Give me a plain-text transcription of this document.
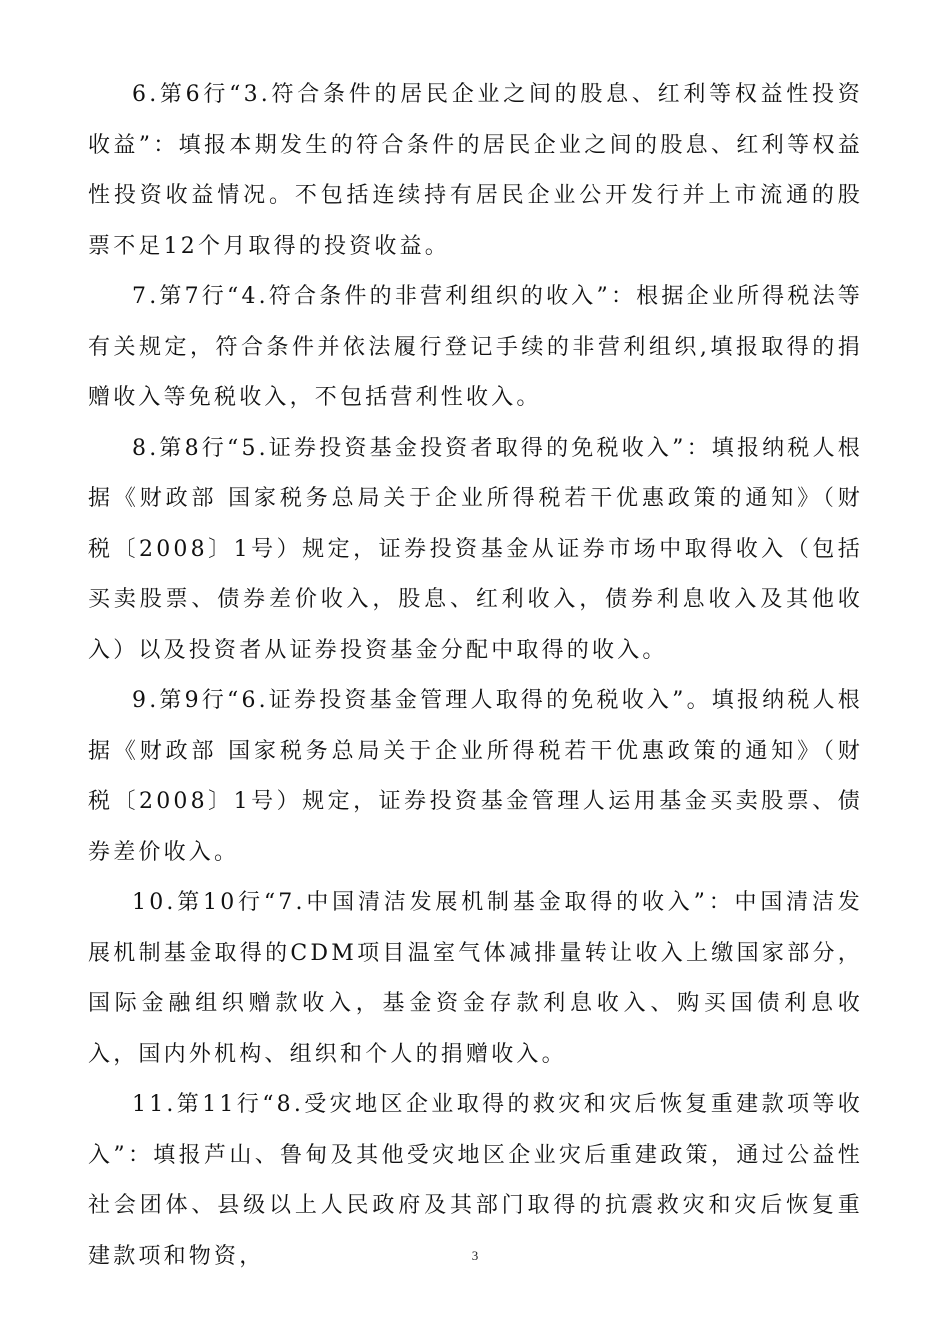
6.第6行“3.符合条件的居民企业之间的股息、红利等权益性投资收益”：填报本期发生的符合条件的居民企业之间的股息、红利等权益性投资收益情况。不包括连续持有居民企业公开发行并上市流通的股票不足12个月取得的投资收益。

7.第7行“4.符合条件的非营利组织的收入”：根据企业所得税法等有关规定，符合条件并依法履行登记手续的非营利组织,填报取得的捐赠收入等免税收入，不包括营利性收入。

8.第8行“5.证券投资基金投资者取得的免税收入”：填报纳税人根据《财政部 国家税务总局关于企业所得税若干优惠政策的通知》（财税〔2008〕1号）规定，证券投资基金从证券市场中取得收入（包括买卖股票、债券差价收入，股息、红利收入，债券利息收入及其他收入）以及投资者从证券投资基金分配中取得的收入。

9.第9行“6.证券投资基金管理人取得的免税收入”。填报纳税人根据《财政部 国家税务总局关于企业所得税若干优惠政策的通知》（财税〔2008〕1号）规定，证券投资基金管理人运用基金买卖股票、债券差价收入。

10.第10行“7.中国清洁发展机制基金取得的收入”：中国清洁发展机制基金取得的CDM项目温室气体减排量转让收入上缴国家部分，国际金融组织赠款收入，基金资金存款利息收入、购买国债利息收入，国内外机构、组织和个人的捐赠收入。

11.第11行“8.受灾地区企业取得的救灾和灾后恢复重建款项等收入”：填报芦山、鲁甸及其他受灾地区企业灾后重建政策，通过公益性社会团体、县级以上人民政府及其部门取得的抗震救灾和灾后恢复重建款项和物资，	3
